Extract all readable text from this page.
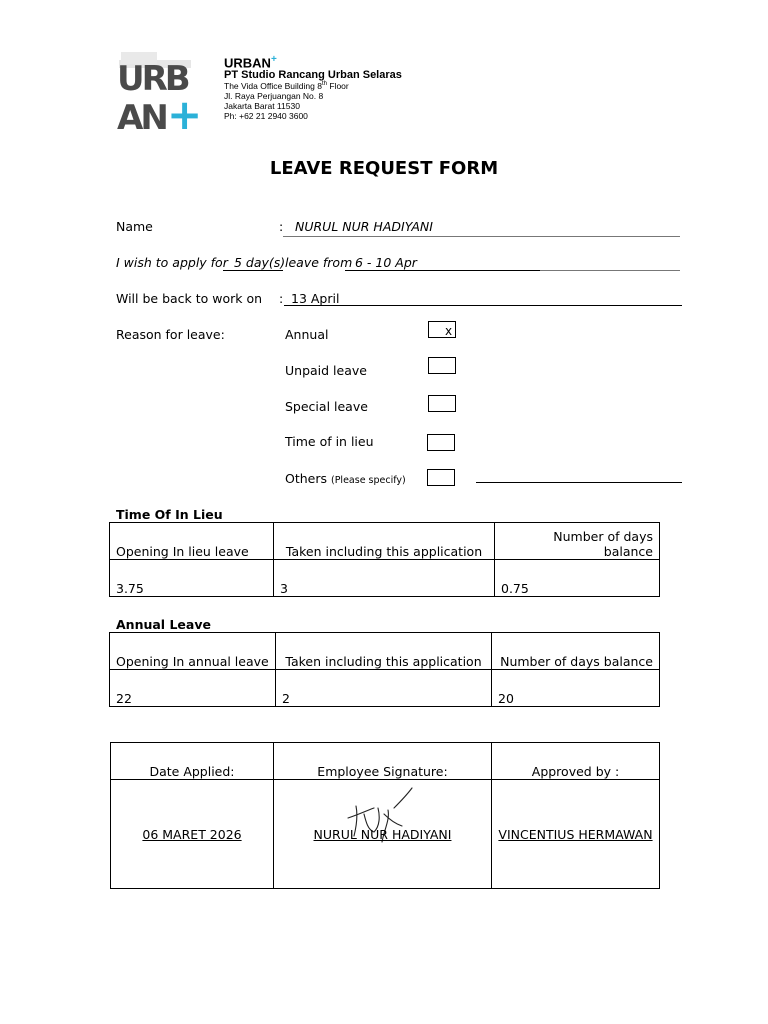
URB
AN +
URBAN+
PT Studio Rancang Urban Selaras
The Vida Office Building 8th Floor
Jl. Raya Perjuangan No. 8
Jakarta Barat 11530
Ph: +62 21 2940 3600
LEAVE REQUEST FORM
Name	: NURUL NUR HADIYANI
I wish to apply for 5 day(s) leave from 6 - 10 Apr
Will be back to work on : 13 April
Reason for leave:	Annual	x
Unpaid leave
Special leave
Time of in lieu
Others (Please specify)
Time Of In Lieu
Opening In lieu leave	Taken including this application	Number of days balance
3.75	3	0.75
Annual Leave
Opening In annual leave	Taken including this application	Number of days balance
22	2	20
Date Applied:	Employee Signature:	Approved by :
06 MARET 2026	NURUL NUR HADIYANI	VINCENTIUS HERMAWAN
